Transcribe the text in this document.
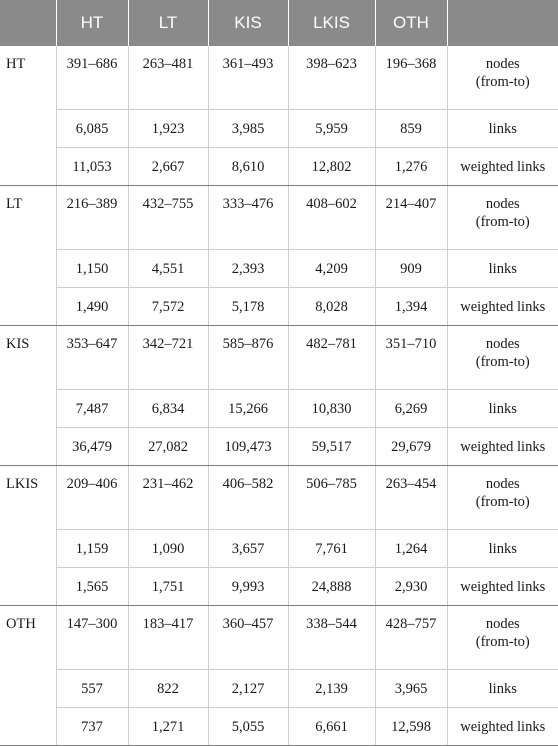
	HT	LT	KIS	LKIS	OTH	
HT	391–686	263–481	361–493	398–623	196–368	nodes
(from-to)
	6,085	1,923	3,985	5,959	859	links
	11,053	2,667	8,610	12,802	1,276	weighted links
LT	216–389	432–755	333–476	408–602	214–407	nodes
(from-to)
	1,150	4,551	2,393	4,209	909	links
	1,490	7,572	5,178	8,028	1,394	weighted links
KIS	353–647	342–721	585–876	482–781	351–710	nodes
(from-to)
	7,487	6,834	15,266	10,830	6,269	links
	36,479	27,082	109,473	59,517	29,679	weighted links
LKIS	209–406	231–462	406–582	506–785	263–454	nodes
(from-to)
	1,159	1,090	3,657	7,761	1,264	links
	1,565	1,751	9,993	24,888	2,930	weighted links
OTH	147–300	183–417	360–457	338–544	428–757	nodes
(from-to)
	557	822	2,127	2,139	3,965	links
	737	1,271	5,055	6,661	12,598	weighted links
